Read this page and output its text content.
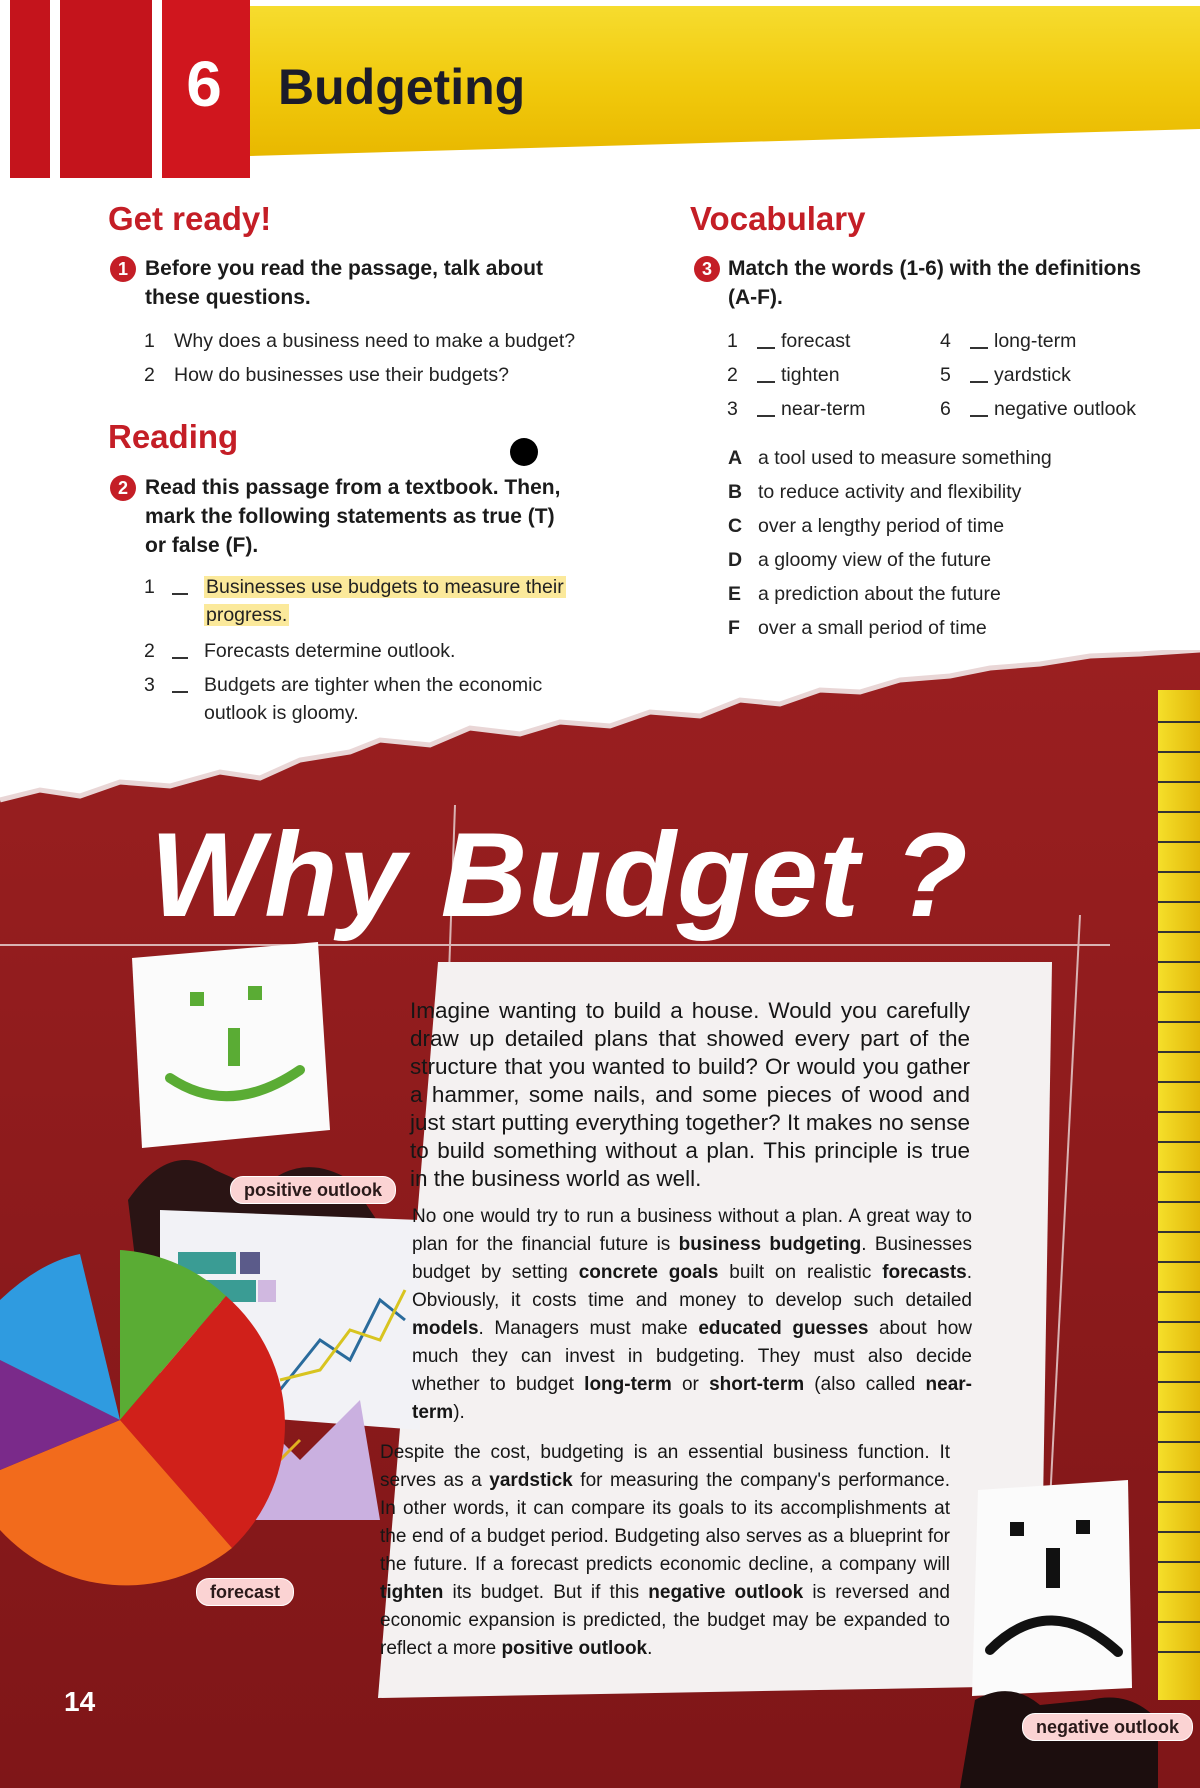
6 Budgeting
Get ready!
1 Before you read the passage, talk about
these questions.
1 Why does a business need to make a budget?
2 How do businesses use their budgets?
Reading
2 Read this passage from a textbook. Then,
mark the following statements as true (T)
or false (F).
1	Businesses use budgets to measure their
progress.
2	Forecasts determine outlook.
3	Budgets are tighter when the economic
outlook is gloomy.
Vocabulary
3 Match the words (1-6) with the definitions
(A-F).
1 forecast
2 tighten
3 near-term
4 long-term
5 yardstick
6 negative outlook
A a tool used to measure something
B to reduce activity and flexibility
C over a lengthy period of time
D a gloomy view of the future
E a prediction about the future
F over a small period of time
Why Budget ?

Imagine wanting to build a house. Would you carefully draw up detailed plans that showed every part of the structure that you wanted to build? Or would you gather a hammer, some nails, and some pieces of wood and just start putting everything together? It makes no sense to build something without a plan. This principle is true in the business world as well.

No one would try to run a business without a plan. A great way to plan for the financial future is business budgeting. Businesses budget by setting concrete goals built on realistic forecasts. Obviously, it costs time and money to develop such detailed models. Managers must make educated guesses about how much they can invest in budgeting. They must also decide whether to budget long-term or short-term (also called near-term).

Despite the cost, budgeting is an essential business function. It serves as a yardstick for measuring the company's performance. In other words, it can compare its goals to its accomplishments at the end of a budget period. Budgeting also serves as a blueprint for the future. If a forecast predicts economic decline, a company will tighten its budget. But if this negative outlook is reversed and economic expansion is predicted, the budget may be expanded to reflect a more positive outlook.

positive outlook
forecast
negative outlook
14
